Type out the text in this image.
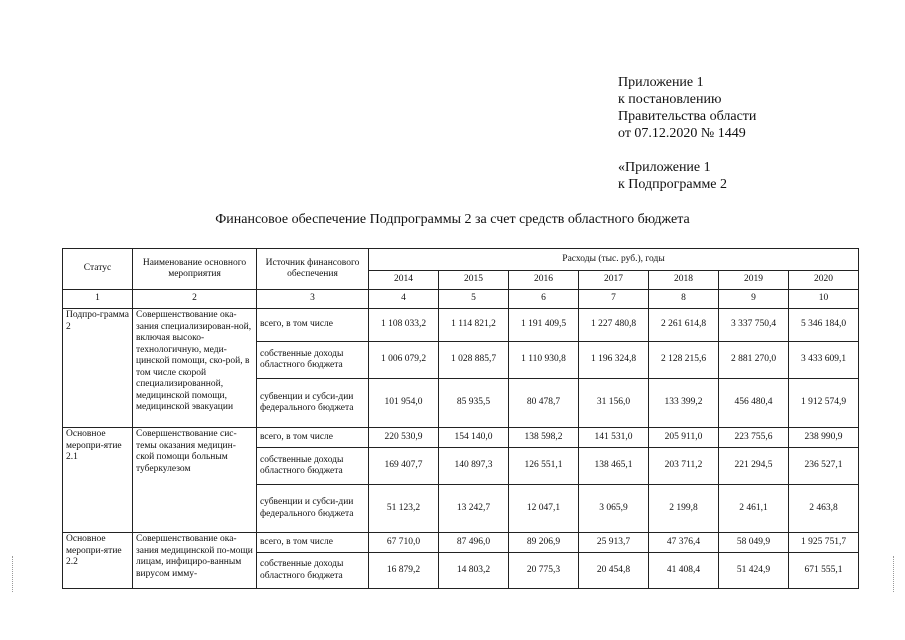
Приложение 1
к постановлению
Правительства области
от 07.12.2020 № 1449
«Приложение 1
к Подпрограмме 2
Финансовое обеспечение Подпрограммы 2 за счет средств областного бюджета
Статус	Наименование основного мероприятия	Источник финансового обеспечения	Расходы (тыс. руб.), годы						
			2014	2015	2016	2017	2018	2019	2020
1	2	3	4	5	6	7	8	9	10
Подпро-грамма 2	Совершенствование ока-зания специализирован-ной, включая высоко-технологичную, меди-цинской помощи, ско-рой, в том числе скорой специализированной, медицинской помощи, медицинской эвакуации	всего, в том числе	1 108 033,2	1 114 821,2	1 191 409,5	1 227 480,8	2 261 614,8	3 337 750,4	5 346 184,0
		собственные доходы областного бюджета	1 006 079,2	1 028 885,7	1 110 930,8	1 196 324,8	2 128 215,6	2 881 270,0	3 433 609,1
		субвенции и субси-дии федерального бюджета	101 954,0	85 935,5	80 478,7	31 156,0	133 399,2	456 480,4	1 912 574,9
Основное меропри-ятие 2.1	Совершенствование сис-темы оказания медицин-ской помощи больным туберкулезом	всего, в том числе	220 530,9	154 140,0	138 598,2	141 531,0	205 911,0	223 755,6	238 990,9
		собственные доходы областного бюджета	169 407,7	140 897,3	126 551,1	138 465,1	203 711,2	221 294,5	236 527,1
		субвенции и субси-дии федерального бюджета	51 123,2	13 242,7	12 047,1	3 065,9	2 199,8	2 461,1	2 463,8
Основное меропри-ятие 2.2	Совершенствование ока-зания медицинской по-мощи лицам, инфициро-ванным вирусом имму-	всего, в том числе	67 710,0	87 496,0	89 206,9	25 913,7	47 376,4	58 049,9	1 925 751,7
		собственные доходы областного бюджета	16 879,2	14 803,2	20 775,3	20 454,8	41 408,4	51 424,9	671 555,1
